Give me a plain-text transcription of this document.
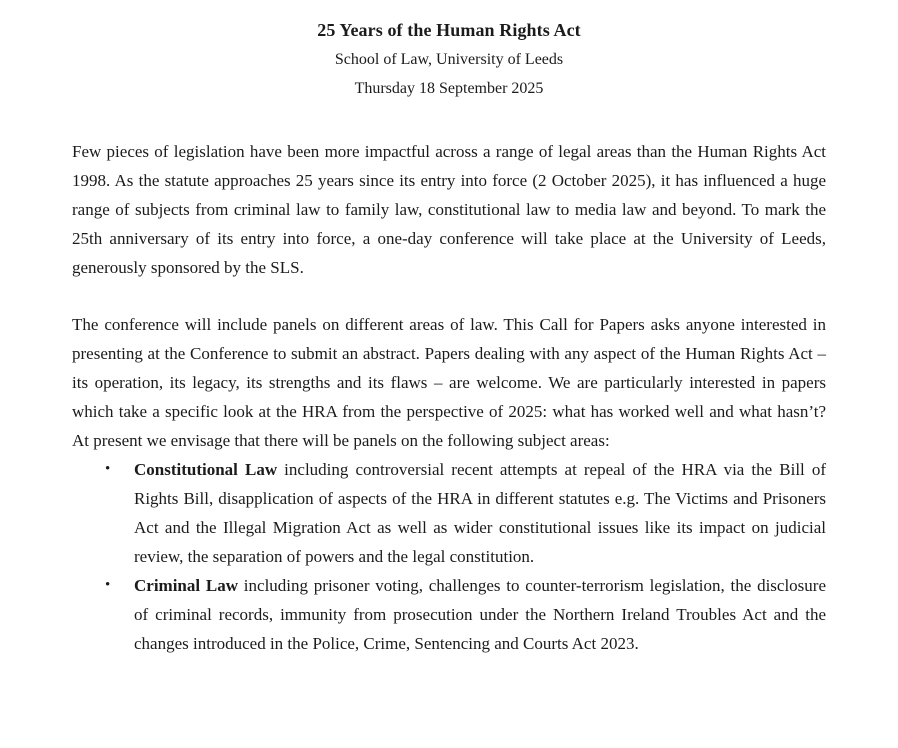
25 Years of the Human Rights Act

School of Law, University of Leeds

Thursday 18 September 2025

Few pieces of legislation have been more impactful across a range of legal areas than the Human Rights Act 1998. As the statute approaches 25 years since its entry into force (2 October 2025), it has influenced a huge range of subjects from criminal law to family law, constitutional law to media law and beyond. To mark the 25th anniversary of its entry into force, a one-day conference will take place at the University of Leeds, generously sponsored by the SLS.

The conference will include panels on different areas of law. This Call for Papers asks anyone interested in presenting at the Conference to submit an abstract. Papers dealing with any aspect of the Human Rights Act – its operation, its legacy, its strengths and its flaws – are welcome. We are particularly interested in papers which take a specific look at the HRA from the perspective of 2025: what has worked well and what hasn’t? At present we envisage that there will be panels on the following subject areas:

• Constitutional Law including controversial recent attempts at repeal of the HRA via the Bill of Rights Bill, disapplication of aspects of the HRA in different statutes e.g. The Victims and Prisoners Act and the Illegal Migration Act as well as wider constitutional issues like its impact on judicial review, the separation of powers and the legal constitution.
• Criminal Law including prisoner voting, challenges to counter-terrorism legislation, the disclosure of criminal records, immunity from prosecution under the Northern Ireland Troubles Act and the changes introduced in the Police, Crime, Sentencing and Courts Act 2023.
